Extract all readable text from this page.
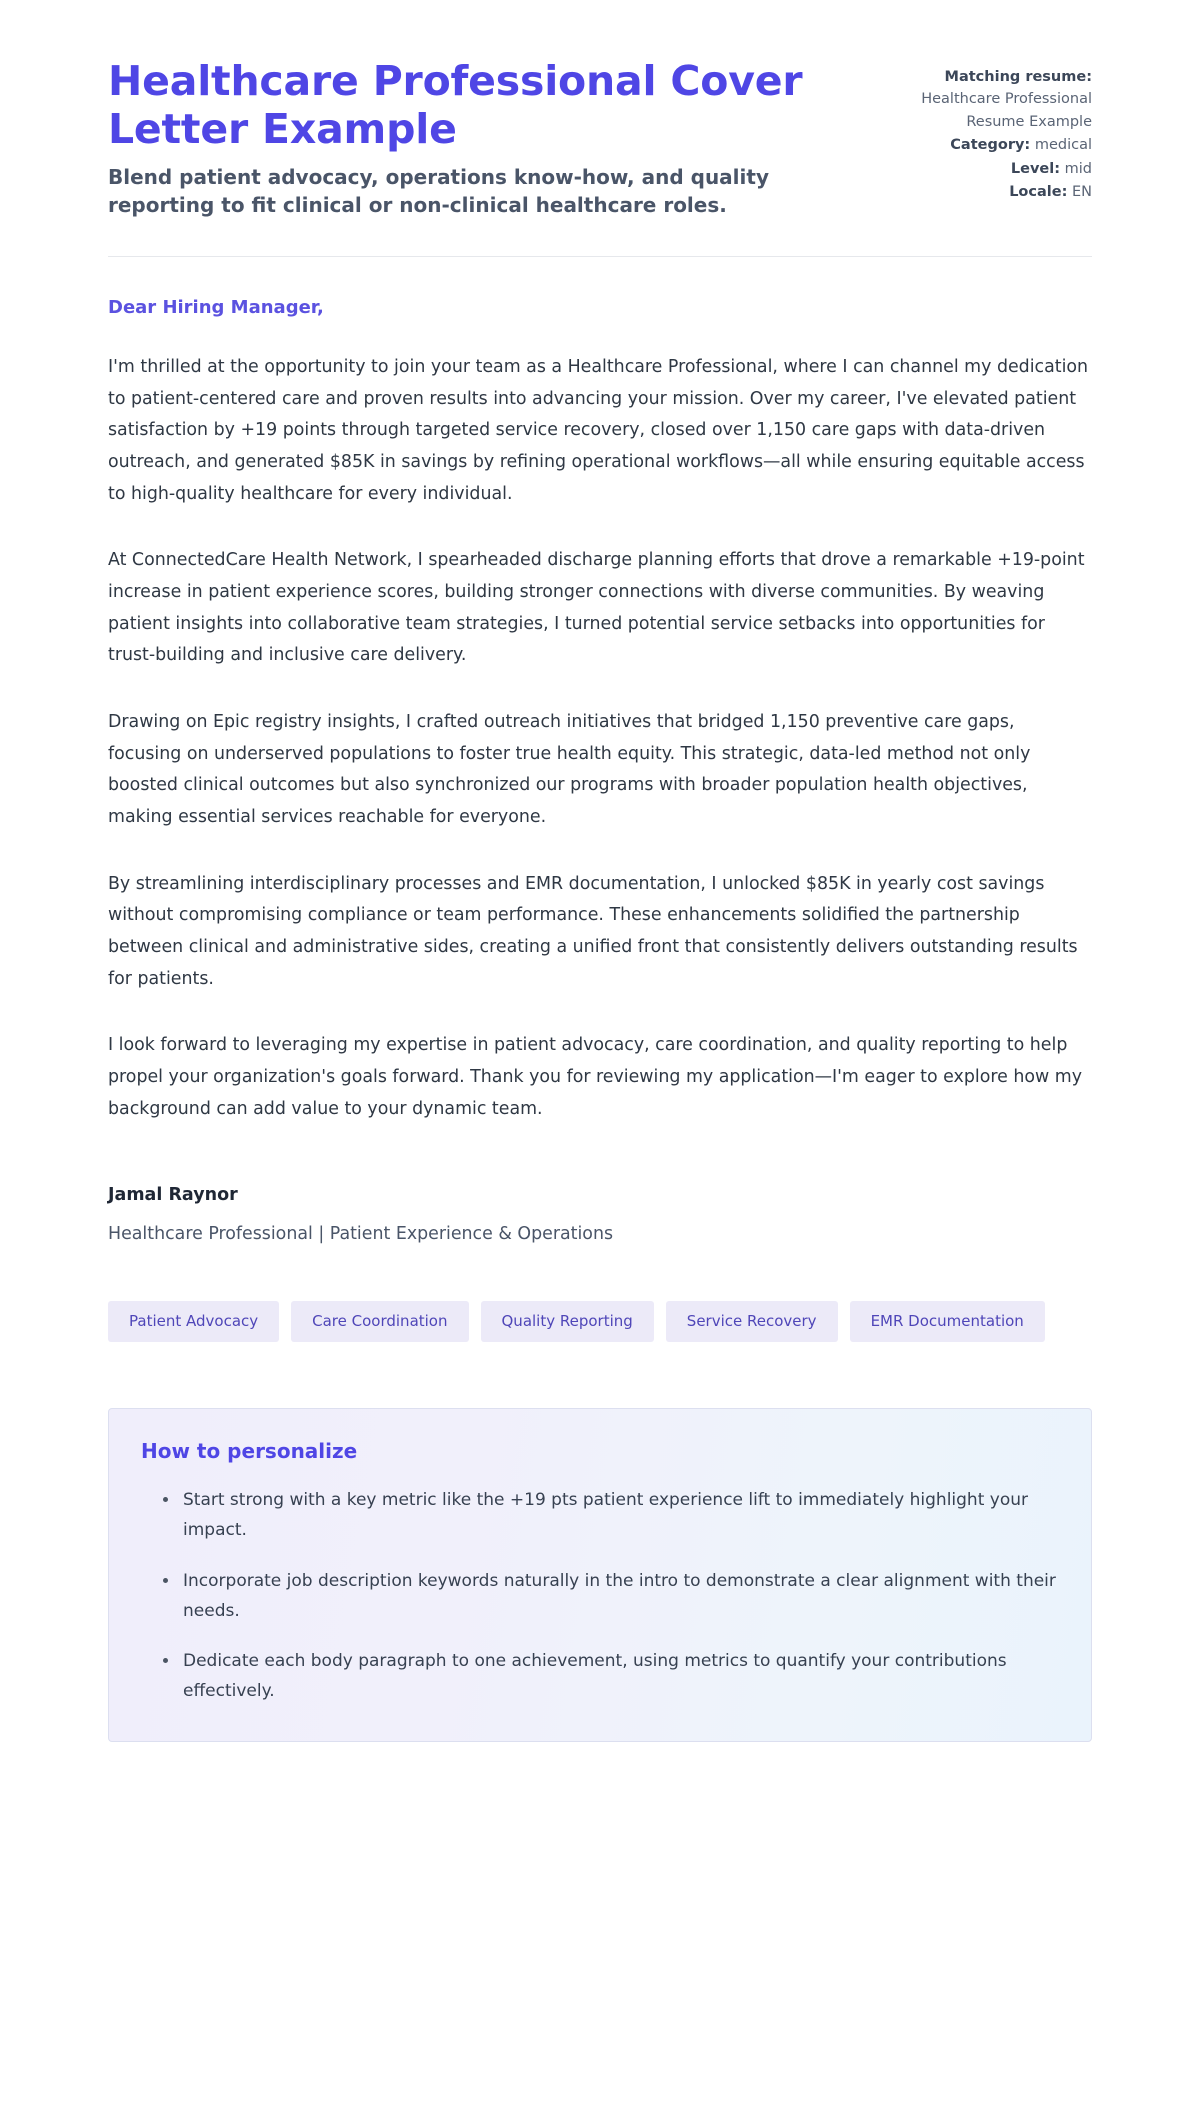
Healthcare Professional Cover Letter Example

Blend patient advocacy, operations know-how, and quality reporting to fit clinical or non-clinical healthcare roles.

Matching resume:
Healthcare Professional Resume Example
Category: medical
Level: mid
Locale: EN

Dear Hiring Manager,

I'm thrilled at the opportunity to join your team as a Healthcare Professional, where I can channel my dedication to patient-centered care and proven results into advancing your mission. Over my career, I've elevated patient satisfaction by +19 points through targeted service recovery, closed over 1,150 care gaps with data-driven outreach, and generated $85K in savings by refining operational workflows—all while ensuring equitable access to high-quality healthcare for every individual.

At ConnectedCare Health Network, I spearheaded discharge planning efforts that drove a remarkable +19-point increase in patient experience scores, building stronger connections with diverse communities. By weaving patient insights into collaborative team strategies, I turned potential service setbacks into opportunities for trust-building and inclusive care delivery.

Drawing on Epic registry insights, I crafted outreach initiatives that bridged 1,150 preventive care gaps, focusing on underserved populations to foster true health equity. This strategic, data-led method not only boosted clinical outcomes but also synchronized our programs with broader population health objectives, making essential services reachable for everyone.

By streamlining interdisciplinary processes and EMR documentation, I unlocked $85K in yearly cost savings without compromising compliance or team performance. These enhancements solidified the partnership between clinical and administrative sides, creating a unified front that consistently delivers outstanding results for patients.

I look forward to leveraging my expertise in patient advocacy, care coordination, and quality reporting to help propel your organization's goals forward. Thank you for reviewing my application—I'm eager to explore how my background can add value to your dynamic team.

Jamal Raynor

Healthcare Professional | Patient Experience & Operations

Patient Advocacy	Care Coordination	Quality Reporting	Service Recovery	EMR Documentation
How to personalize
Start strong with a key metric like the +19 pts patient experience lift to immediately highlight your impact.
Incorporate job description keywords naturally in the intro to demonstrate a clear alignment with their needs.
Dedicate each body paragraph to one achievement, using metrics to quantify your contributions effectively.
